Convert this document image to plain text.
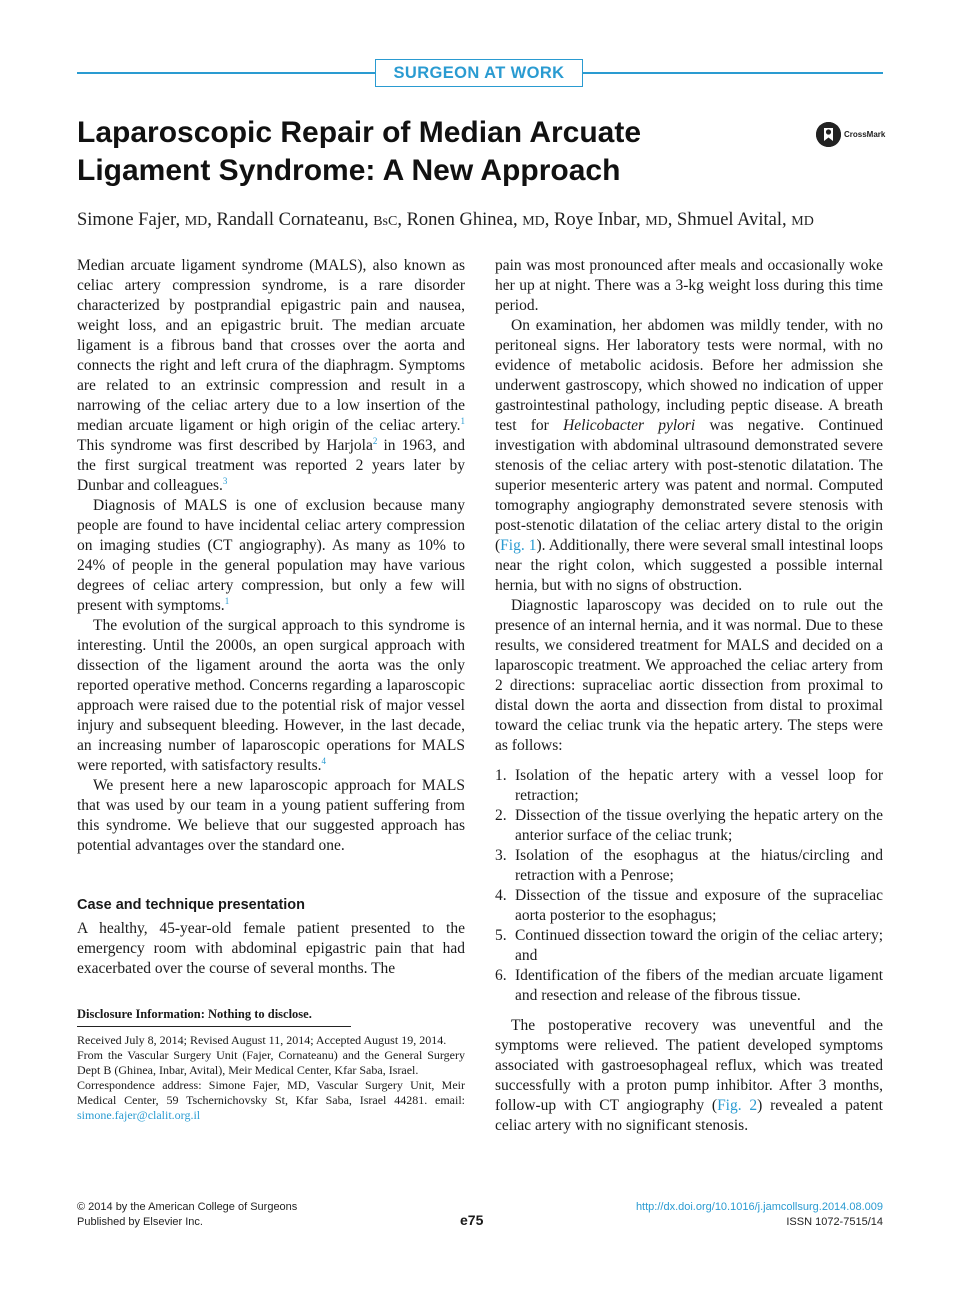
SURGEON AT WORK
Laparoscopic Repair of Median Arcuate Ligament Syndrome: A New Approach
CrossMark
Simone Fajer, MD, Randall Cornateanu, BsC, Ronen Ghinea, MD, Roye Inbar, MD, Shmuel Avital, MD

Median arcuate ligament syndrome (MALS), also known as celiac artery compression syndrome, is a rare disorder characterized by postprandial epigastric pain and nausea, weight loss, and an epigastric bruit. The median arcuate ligament is a fibrous band that crosses over the aorta and connects the right and left crura of the diaphragm. Symptoms are related to an extrinsic compression and result in a narrowing of the celiac artery due to a low insertion of the median arcuate ligament or high origin of the celiac artery.$^1$ This syndrome was first described by Harjola$^2$ in 1963, and the first surgical treatment was reported 2 years later by Dunbar and colleagues.$^3$

Diagnosis of MALS is one of exclusion because many people are found to have incidental celiac artery compression on imaging studies (CT angiography). As many as 10% to 24% of people in the general population may have various degrees of celiac artery compression, but only a few will present with symptoms.$^1$

The evolution of the surgical approach to this syndrome is interesting. Until the 2000s, an open surgical approach with dissection of the ligament around the aorta was the only reported operative method. Concerns regarding a laparoscopic approach were raised due to the potential risk of major vessel injury and subsequent bleeding. However, in the last decade, an increasing number of laparoscopic operations for MALS were reported, with satisfactory results.$^4$

We present here a new laparoscopic approach for MALS that was used by our team in a young patient suffering from this syndrome. We believe that our suggested approach has potential advantages over the standard one.

Case and technique presentation

A healthy, 45-year-old female patient presented to the emergency room with abdominal epigastric pain that had exacerbated over the course of several months. The

Disclosure Information: Nothing to disclose.

Received July 8, 2014; Revised August 11, 2014; Accepted August 19, 2014.

From the Vascular Surgery Unit (Fajer, Cornateanu) and the General Surgery Dept B (Ghinea, Inbar, Avital), Meir Medical Center, Kfar Saba, Israel.

Correspondence address: Simone Fajer, MD, Vascular Surgery Unit, Meir Medical Center, 59 Tschernichovsky St, Kfar Saba, Israel 44281. email: simone.fajer@clalit.org.il

pain was most pronounced after meals and occasionally woke her up at night. There was a 3-kg weight loss during this time period.

On examination, her abdomen was mildly tender, with no peritoneal signs. Her laboratory tests were normal, with no evidence of metabolic acidosis. Before her admission she underwent gastroscopy, which showed no indication of upper gastrointestinal pathology, including peptic disease. A breath test for Helicobacter pylori was negative. Continued investigation with abdominal ultrasound demonstrated severe stenosis of the celiac artery with post-stenotic dilatation. The superior mesenteric artery was patent and normal. Computed tomography angiography demonstrated severe stenosis with post-stenotic dilatation of the celiac artery distal to the origin (Fig. 1). Additionally, there were several small intestinal loops near the right colon, which suggested a possible internal hernia, but with no signs of obstruction.

Diagnostic laparoscopy was decided on to rule out the presence of an internal hernia, and it was normal. Due to these results, we considered treatment for MALS and decided on a laparoscopic treatment. We approached the celiac artery from 2 directions: supraceliac aortic dissection from proximal to distal down the aorta and dissection from distal to proximal toward the celiac trunk via the hepatic artery. The steps were as follows:

1. Isolation of the hepatic artery with a vessel loop for retraction;
2. Dissection of the tissue overlying the hepatic artery on the anterior surface of the celiac trunk;
3. Isolation of the esophagus at the hiatus/circling and retraction with a Penrose;
4. Dissection of the tissue and exposure of the supraceliac aorta posterior to the esophagus;
5. Continued dissection toward the origin of the celiac artery; and
6. Identification of the fibers of the median arcuate ligament and resection and release of the fibrous tissue.

The postoperative recovery was uneventful and the symptoms were relieved. The patient developed symptoms associated with gastroesophageal reflux, which was treated successfully with a proton pump inhibitor. After 3 months, follow-up with CT angiography (Fig. 2) revealed a patent celiac artery with no significant stenosis.

© 2014 by the American College of Surgeons
Published by Elsevier Inc.	e75
http://dx.doi.org/10.1016/j.jamcollsurg.2014.08.009
ISSN 1072-7515/14
